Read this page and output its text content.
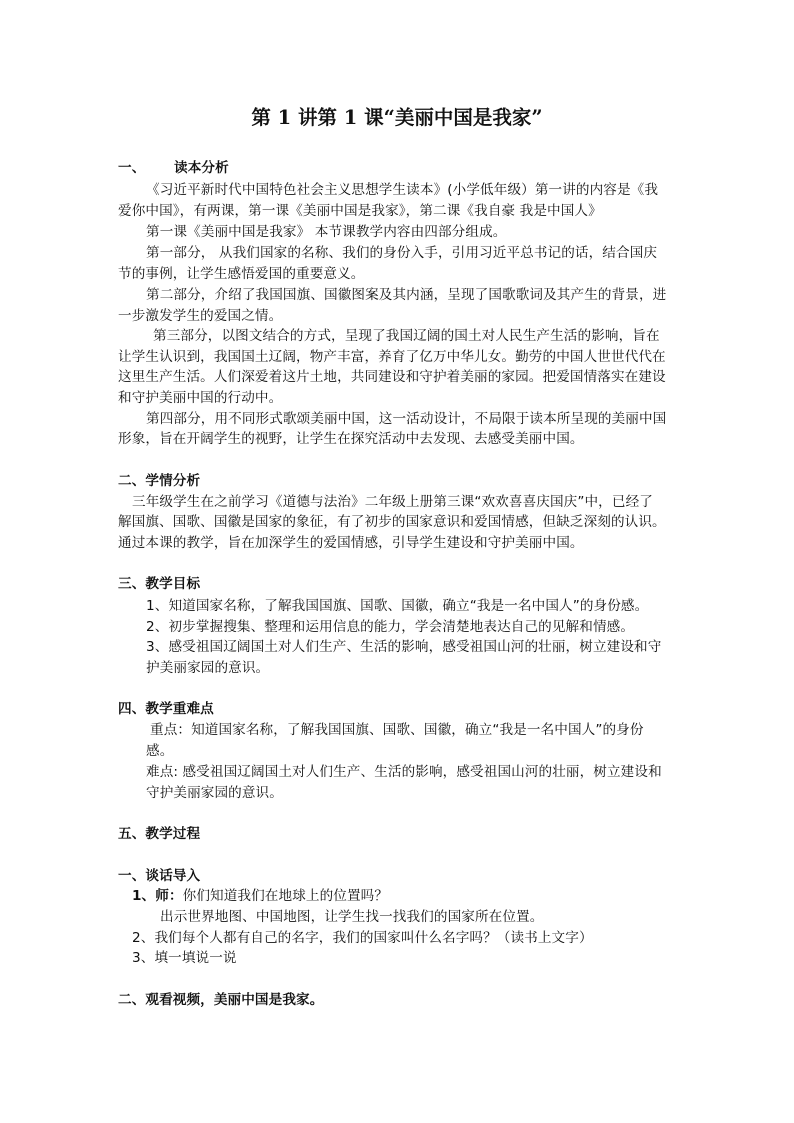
第 1 讲第 1 课“美丽中国是我家”
一、 读本分析
《习近平新时代中国特色社会主义思想学生读本》(小学低年级）第一讲的内容是《我
爱你中国》，有两课，第一课《美丽中国是我家》，第二课《我自豪 我是中国人》
第一课《美丽中国是我家》 本节课教学内容由四部分组成。
第一部分， 从我们国家的名称、我们的身份入手，引用习近平总书记的话，结合国庆
节的事例，让学生感悟爱国的重要意义。
第二部分，介绍了我国国旗、国徽图案及其内涵，呈现了国歌歌词及其产生的背景，进
一步激发学生的爱国之情。
第三部分，以图文结合的方式，呈现了我国辽阔的国土对人民生产生活的影响，旨在
让学生认识到，我国国土辽阔，物产丰富，养育了亿万中华儿女。勤劳的中国人世世代代在
这里生产生活。人们深爱着这片土地，共同建设和守护着美丽的家园。把爱国情落实在建设
和守护美丽中国的行动中。
第四部分，用不同形式歌颂美丽中国，这一活动设计，不局限于读本所呈现的美丽中国
形象，旨在开阔学生的视野，让学生在探究活动中去发现、去感受美丽中国。
二、学情分析
三年级学生在之前学习《道德与法治》二年级上册第三课“欢欢喜喜庆国庆”中，已经了
解国旗、国歌、国徽是国家的象征，有了初步的国家意识和爱国情感，但缺乏深刻的认识。
通过本课的教学，旨在加深学生的爱国情感，引导学生建设和守护美丽中国。
三、教学目标
1、知道国家名称，了解我国国旗、国歌、国徽，确立“我是一名中国人”的身份感。
2、初步掌握搜集、整理和运用信息的能力，学会清楚地表达自己的见解和情感。
3、感受祖国辽阔国土对人们生产、生活的影响，感受祖国山河的壮丽，树立建设和守
护美丽家园的意识。
四、教学重难点
重点：知道国家名称，了解我国国旗、国歌、国徽，确立“我是一名中国人”的身份
感。
难点: 感受祖国辽阔国土对人们生产、生活的影响，感受祖国山河的壮丽，树立建设和
守护美丽家园的意识。
五、教学过程
一、谈话导入
1、师：你们知道我们在地球上的位置吗？
出示世界地图、中国地图，让学生找一找我们的国家所在位置。
2、我们每个人都有自己的名字，我们的国家叫什么名字吗？（读书上文字）
3、填一填说一说
二、观看视频，美丽中国是我家。
